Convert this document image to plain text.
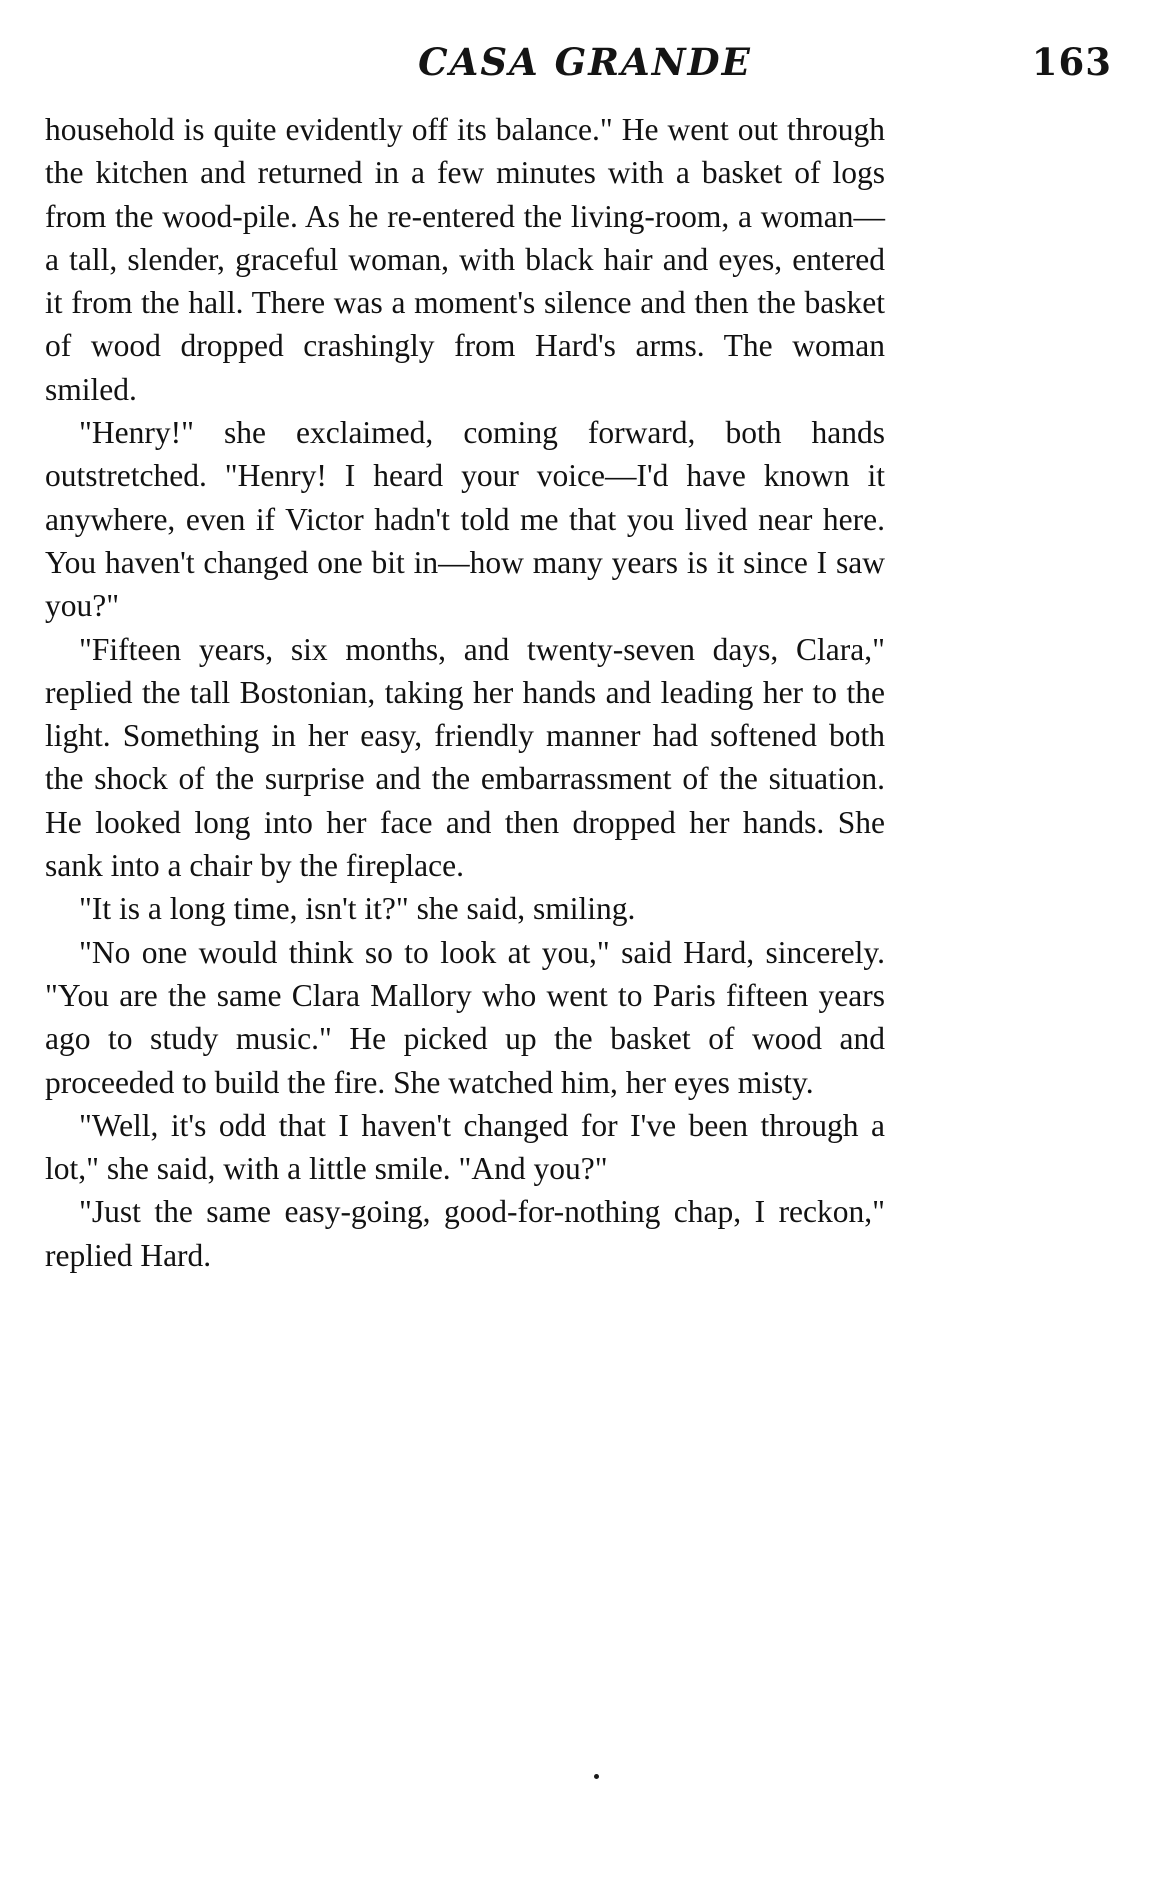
CASA GRANDE	163

household is quite evidently off its balance." He went out through the kitchen and returned in a few minutes with a basket of logs from the wood-pile. As he re-entered the living-room, a woman—a tall, slender, graceful woman, with black hair and eyes, entered it from the hall. There was a moment's silence and then the basket of wood dropped crashingly from Hard's arms. The woman smiled.

"Henry!" she exclaimed, coming forward, both hands outstretched. "Henry! I heard your voice—I'd have known it anywhere, even if Victor hadn't told me that you lived near here. You haven't changed one bit in—how many years is it since I saw you?"

"Fifteen years, six months, and twenty-seven days, Clara," replied the tall Bostonian, taking her hands and leading her to the light. Something in her easy, friendly manner had softened both the shock of the surprise and the embarrassment of the situation. He looked long into her face and then dropped her hands. She sank into a chair by the fireplace.

"It is a long time, isn't it?" she said, smiling.

"No one would think so to look at you," said Hard, sincerely. "You are the same Clara Mallory who went to Paris fifteen years ago to study music." He picked up the basket of wood and proceeded to build the fire. She watched him, her eyes misty.

"Well, it's odd that I haven't changed for I've been through a lot," she said, with a little smile. "And you?"

"Just the same easy-going, good-for-nothing chap, I reckon," replied Hard.
